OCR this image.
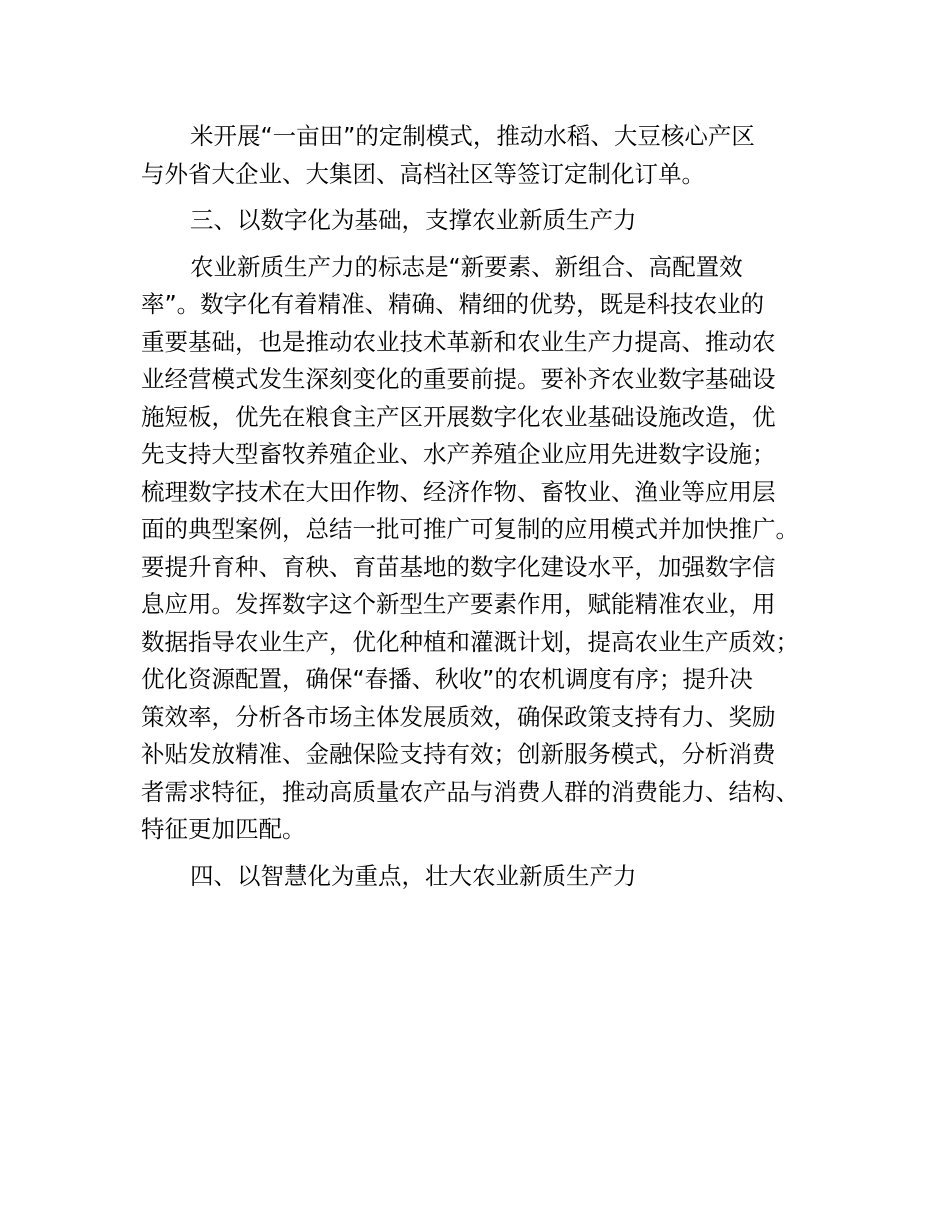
米开展“一亩田”的定制模式，推动水稻、大豆核心产区
与外省大企业、大集团、高档社区等签订定制化订单。
三、以数字化为基础，支撑农业新质生产力
农业新质生产力的标志是“新要素、新组合、高配置效
率”。数字化有着精准、精确、精细的优势，既是科技农业的
重要基础，也是推动农业技术革新和农业生产力提高、推动农
业经营模式发生深刻变化的重要前提。要补齐农业数字基础设
施短板，优先在粮食主产区开展数字化农业基础设施改造，优
先支持大型畜牧养殖企业、水产养殖企业应用先进数字设施；
梳理数字技术在大田作物、经济作物、畜牧业、渔业等应用层
面的典型案例，总结一批可推广可复制的应用模式并加快推广。
要提升育种、育秧、育苗基地的数字化建设水平，加强数字信
息应用。发挥数字这个新型生产要素作用，赋能精准农业，用
数据指导农业生产，优化种植和灌溉计划，提高农业生产质效；
优化资源配置，确保“春播、秋收”的农机调度有序；提升决
策效率，分析各市场主体发展质效，确保政策支持有力、奖励
补贴发放精准、金融保险支持有效；创新服务模式，分析消费
者需求特征，推动高质量农产品与消费人群的消费能力、结构、
特征更加匹配。
四、以智慧化为重点，壮大农业新质生产力
